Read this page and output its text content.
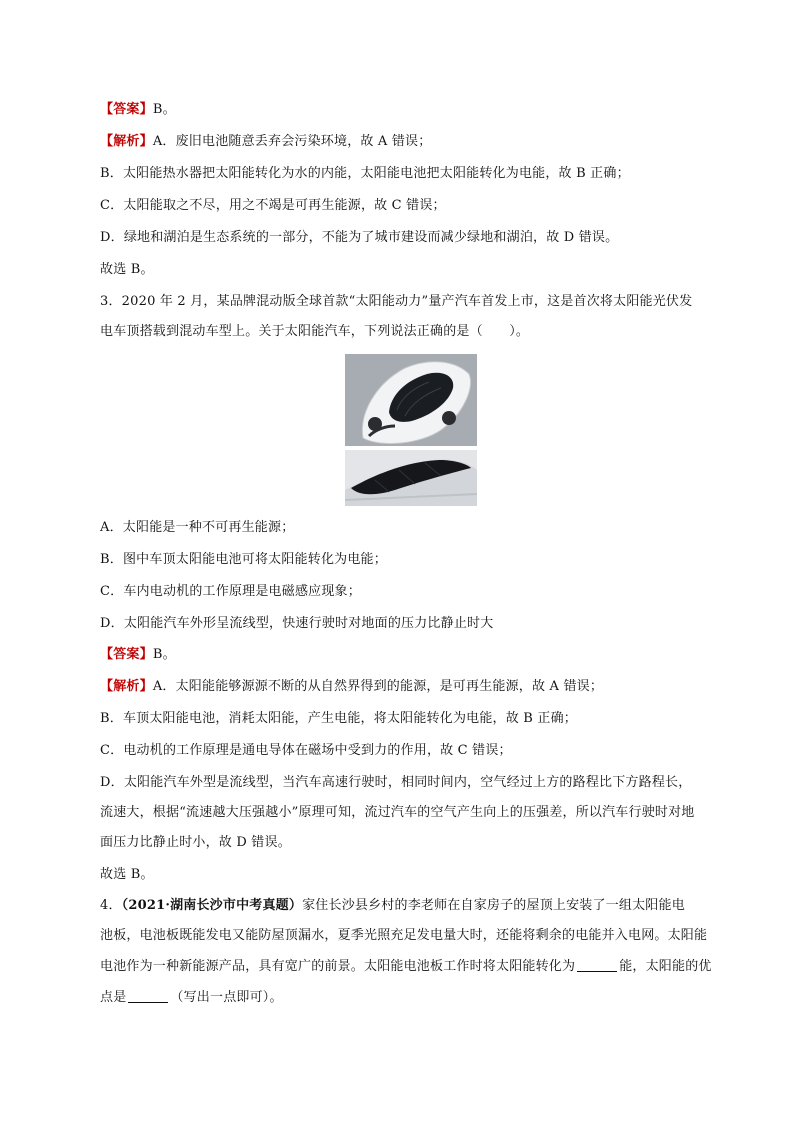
【答案】B。
【解析】A．废旧电池随意丢弃会污染环境，故 A 错误；
B．太阳能热水器把太阳能转化为水的内能，太阳能电池把太阳能转化为电能，故 B 正确；
C．太阳能取之不尽，用之不竭是可再生能源，故 C 错误；
D．绿地和湖泊是生态系统的一部分，不能为了城市建设而减少绿地和湖泊，故 D 错误。
故选 B。
3．2020 年 2 月，某品牌混动版全球首款“太阳能动力”量产汽车首发上市，这是首次将太阳能光伏发
电车顶搭载到混动车型上。关于太阳能汽车，下列说法正确的是（　　）。
A．太阳能是一种不可再生能源；
B．图中车顶太阳能电池可将太阳能转化为电能；
C．车内电动机的工作原理是电磁感应现象；
D．太阳能汽车外形呈流线型，快速行驶时对地面的压力比静止时大
【答案】B。
【解析】A．太阳能能够源源不断的从自然界得到的能源，是可再生能源，故 A 错误；
B．车顶太阳能电池，消耗太阳能，产生电能，将太阳能转化为电能，故 B 正确；
C．电动机的工作原理是通电导体在磁场中受到力的作用，故 C 错误；
D．太阳能汽车外型是流线型，当汽车高速行驶时，相同时间内，空气经过上方的路程比下方路程长，
流速大，根据“流速越大压强越小”原理可知，流过汽车的空气产生向上的压强差，所以汽车行驶时对地
面压力比静止时小，故 D 错误。
故选 B。
4．（2021·湖南长沙市中考真题）家住长沙县乡村的李老师在自家房子的屋顶上安装了一组太阳能电
池板，电池板既能发电又能防屋顶漏水，夏季光照充足发电量大时，还能将剩余的电能并入电网。太阳能
电池作为一种新能源产品，具有宽广的前景。太阳能电池板工作时将太阳能转化为	能，太阳能的优
点是	（写出一点即可）。
